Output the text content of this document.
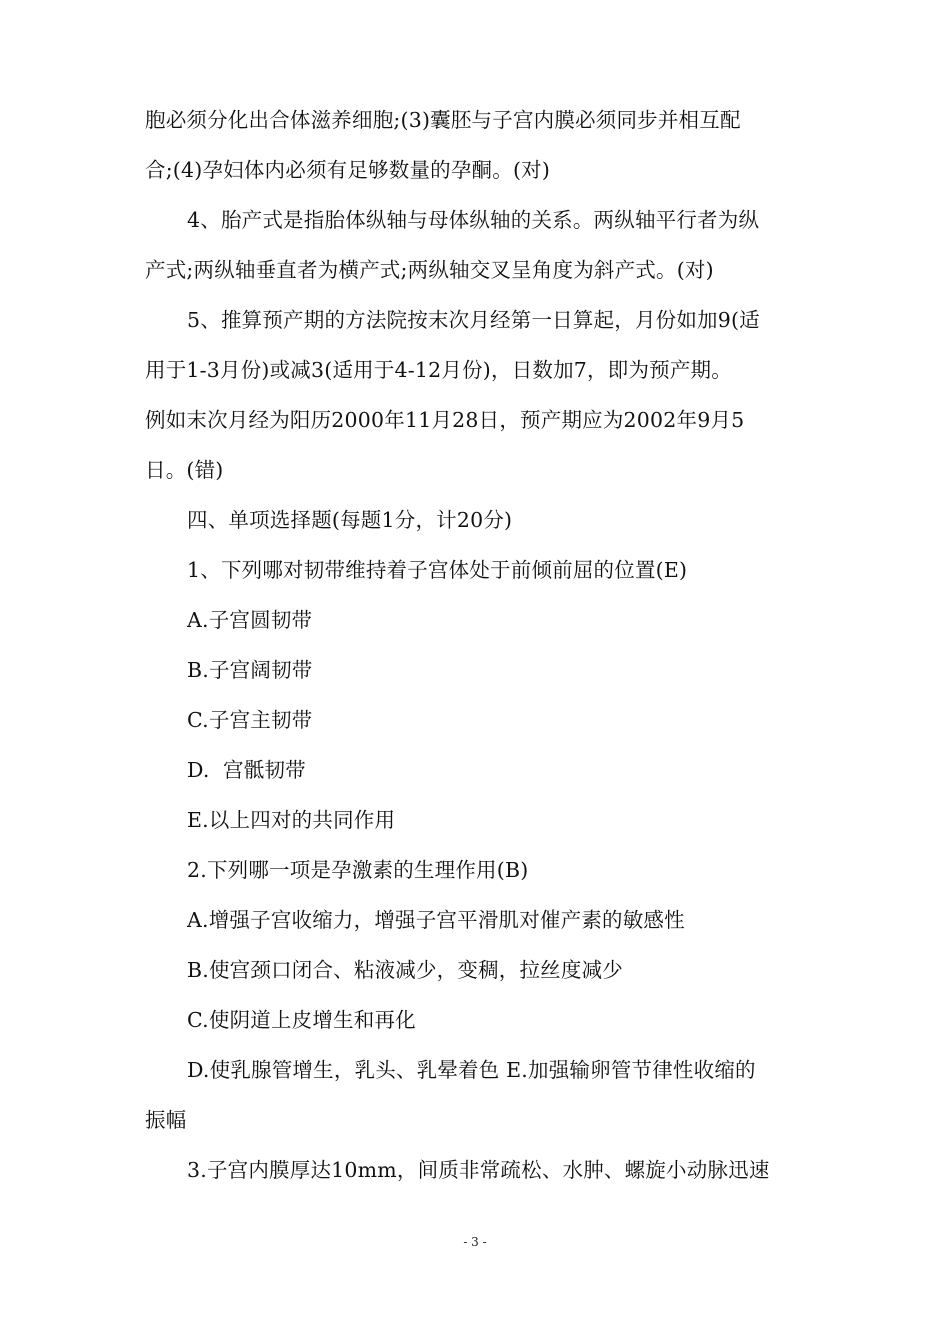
胞必须分化出合体滋养细胞;(3)囊胚与子宫内膜必须同步并相互配
合;(4)孕妇体内必须有足够数量的孕酮。(对)
4、胎产式是指胎体纵轴与母体纵轴的关系。两纵轴平行者为纵
产式;两纵轴垂直者为横产式;两纵轴交叉呈角度为斜产式。(对)
5、推算预产期的方法院按末次月经第一日算起，月份如加9(适
用于1-3月份)或减3(适用于4-12月份)，日数加7，即为预产期。
例如末次月经为阳历2000年11月28日，预产期应为2002年9月5
日。(错)
四、单项选择题(每题1分，计20分)
1、下列哪对韧带维持着子宫体处于前倾前屈的位置(E)
A.子宫圆韧带
B.子宫阔韧带
C.子宫主韧带
D.  宫骶韧带
E.以上四对的共同作用
2.下列哪一项是孕激素的生理作用(B)
A.增强子宫收缩力，增强子宫平滑肌对催产素的敏感性
B.使宫颈口闭合、粘液减少，变稠，拉丝度减少
C.使阴道上皮增生和再化
D.使乳腺管增生，乳头、乳晕着色 E.加强输卵管节律性收缩的
振幅
3.子宫内膜厚达10mm，间质非常疏松、水肿、螺旋小动脉迅速
- 3 -
